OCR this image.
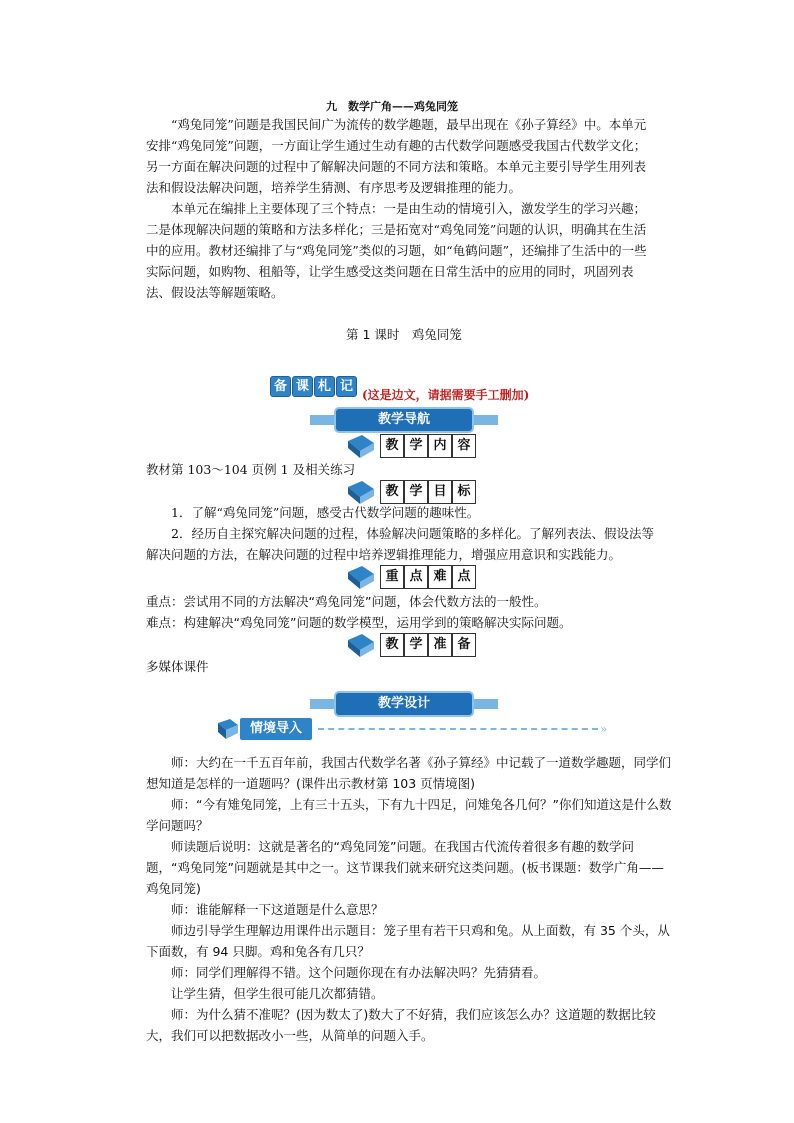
九　数学广角——鸡兔同笼

“鸡兔同笼”问题是我国民间广为流传的数学趣题，最早出现在《孙子算经》中。本单元安排“鸡兔同笼”问题，一方面让学生通过生动有趣的古代数学问题感受我国古代数学文化；另一方面在解决问题的过程中了解解决问题的不同方法和策略。本单元主要引导学生用列表法和假设法解决问题，培养学生猜测、有序思考及逻辑推理的能力。

本单元在编排上主要体现了三个特点：一是由生动的情境引入，激发学生的学习兴趣；二是体现解决问题的策略和方法多样化；三是拓宽对“鸡兔同笼”问题的认识，明确其在生活中的应用。教材还编排了与“鸡兔同笼”类似的习题，如“龟鹤问题”，还编排了生活中的一些实际问题，如购物、租船等，让学生感受这类问题在日常生活中的应用的同时，巩固列表法、假设法等解题策略。

第 1 课时　鸡兔同笼
备 课 札 记
(这是边文，请据需要手工删加)
教学导航
教 学 内 容
教材第 103～104 页例 1 及相关练习
教 学 目 标

1．了解“鸡兔同笼”问题，感受古代数学问题的趣味性。

2．经历自主探究解决问题的过程，体验解决问题策略的多样化。了解列表法、假设法等解决问题的方法，在解决问题的过程中培养逻辑推理能力，增强应用意识和实践能力。

重 点 难 点

重点：尝试用不同的方法解决“鸡兔同笼”问题，体会代数方法的一般性。

难点：构建解决“鸡兔同笼”问题的数学模型，运用学到的策略解决实际问题。

教 学 准 备
多媒体课件
教学设计
情境导入	»

师：大约在一千五百年前，我国古代数学名著《孙子算经》中记载了一道数学趣题，同学们想知道是怎样的一道题吗？(课件出示教材第 103 页情境图)

师：“今有雉兔同笼，上有三十五头，下有九十四足，问雉兔各几何？”你们知道这是什么数学问题吗？

师读题后说明：这就是著名的“鸡兔同笼”问题。在我国古代流传着很多有趣的数学问题，“鸡兔同笼”问题就是其中之一。这节课我们就来研究这类问题。(板书课题：数学广角——鸡兔同笼)

师：谁能解释一下这道题是什么意思？

师边引导学生理解边用课件出示题目：笼子里有若干只鸡和兔。从上面数，有 35 个头，从下面数，有 94 只脚。鸡和兔各有几只？

师：同学们理解得不错。这个问题你现在有办法解决吗？先猜猜看。

让学生猜，但学生很可能几次都猜错。

师：为什么猜不准呢？(因为数太了)数大了不好猜，我们应该怎么办？这道题的数据比较大，我们可以把数据改小一些，从简单的问题入手。
